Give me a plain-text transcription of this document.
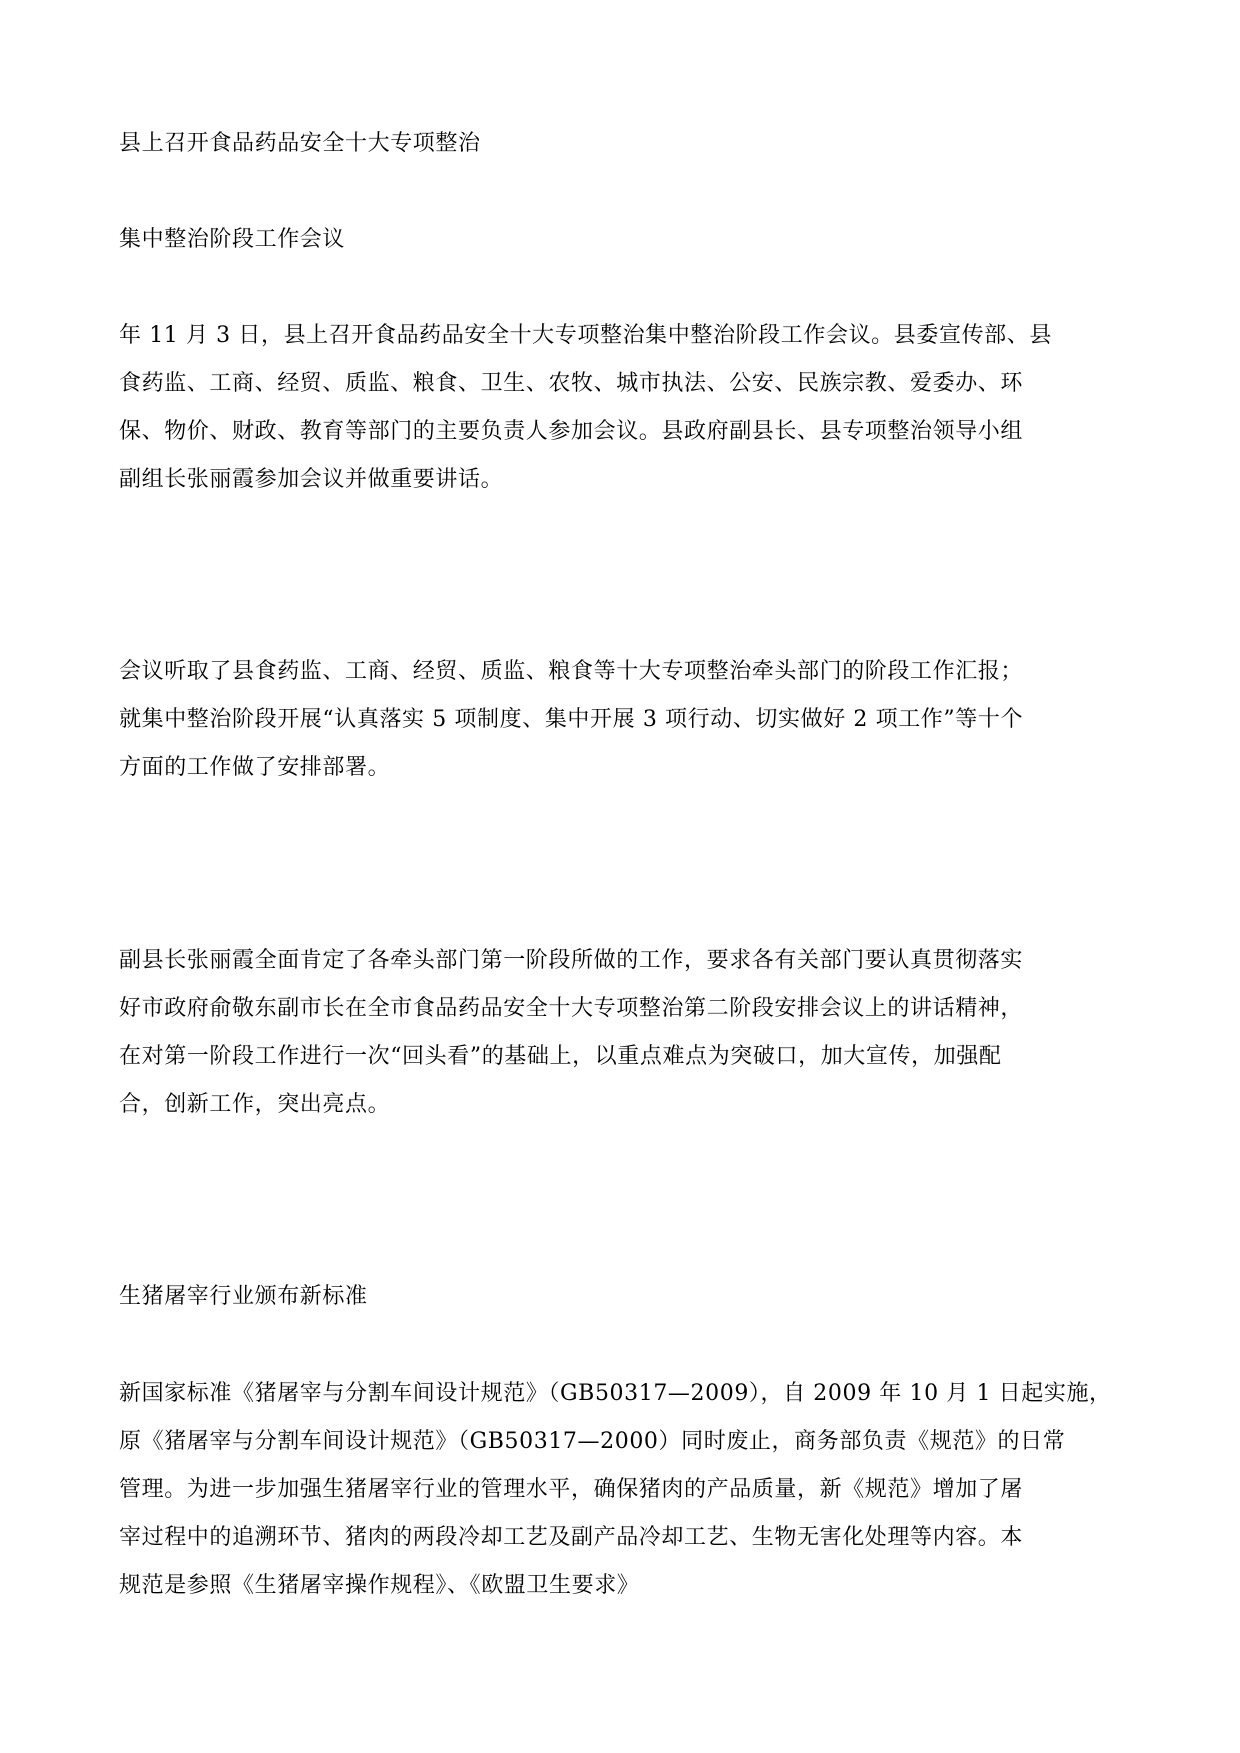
县上召开食品药品安全十大专项整治
集中整治阶段工作会议
年 11 月 3 日，县上召开食品药品安全十大专项整治集中整治阶段工作会议。县委宣传部、县
食药监、工商、经贸、质监、粮食、卫生、农牧、城市执法、公安、民族宗教、爱委办、环
保、物价、财政、教育等部门的主要负责人参加会议。县政府副县长、县专项整治领导小组
副组长张丽霞参加会议并做重要讲话。
会议听取了县食药监、工商、经贸、质监、粮食等十大专项整治牵头部门的阶段工作汇报；
就集中整治阶段开展“认真落实 5 项制度、集中开展 3 项行动、切实做好 2 项工作”等十个
方面的工作做了安排部署。
副县长张丽霞全面肯定了各牵头部门第一阶段所做的工作，要求各有关部门要认真贯彻落实
好市政府俞敬东副市长在全市食品药品安全十大专项整治第二阶段安排会议上的讲话精神，
在对第一阶段工作进行一次“回头看”的基础上，以重点难点为突破口，加大宣传，加强配
合，创新工作，突出亮点。
生猪屠宰行业颁布新标准
新国家标准《猪屠宰与分割车间设计规范》（GB50317—2009），自 2009 年 10 月 1 日起实施，
原《猪屠宰与分割车间设计规范》（GB50317—2000）同时废止，商务部负责《规范》的日常
管理。为进一步加强生猪屠宰行业的管理水平，确保猪肉的产品质量，新《规范》增加了屠
宰过程中的追溯环节、猪肉的两段冷却工艺及副产品冷却工艺、生物无害化处理等内容。本
规范是参照《生猪屠宰操作规程》、《欧盟卫生要求》
